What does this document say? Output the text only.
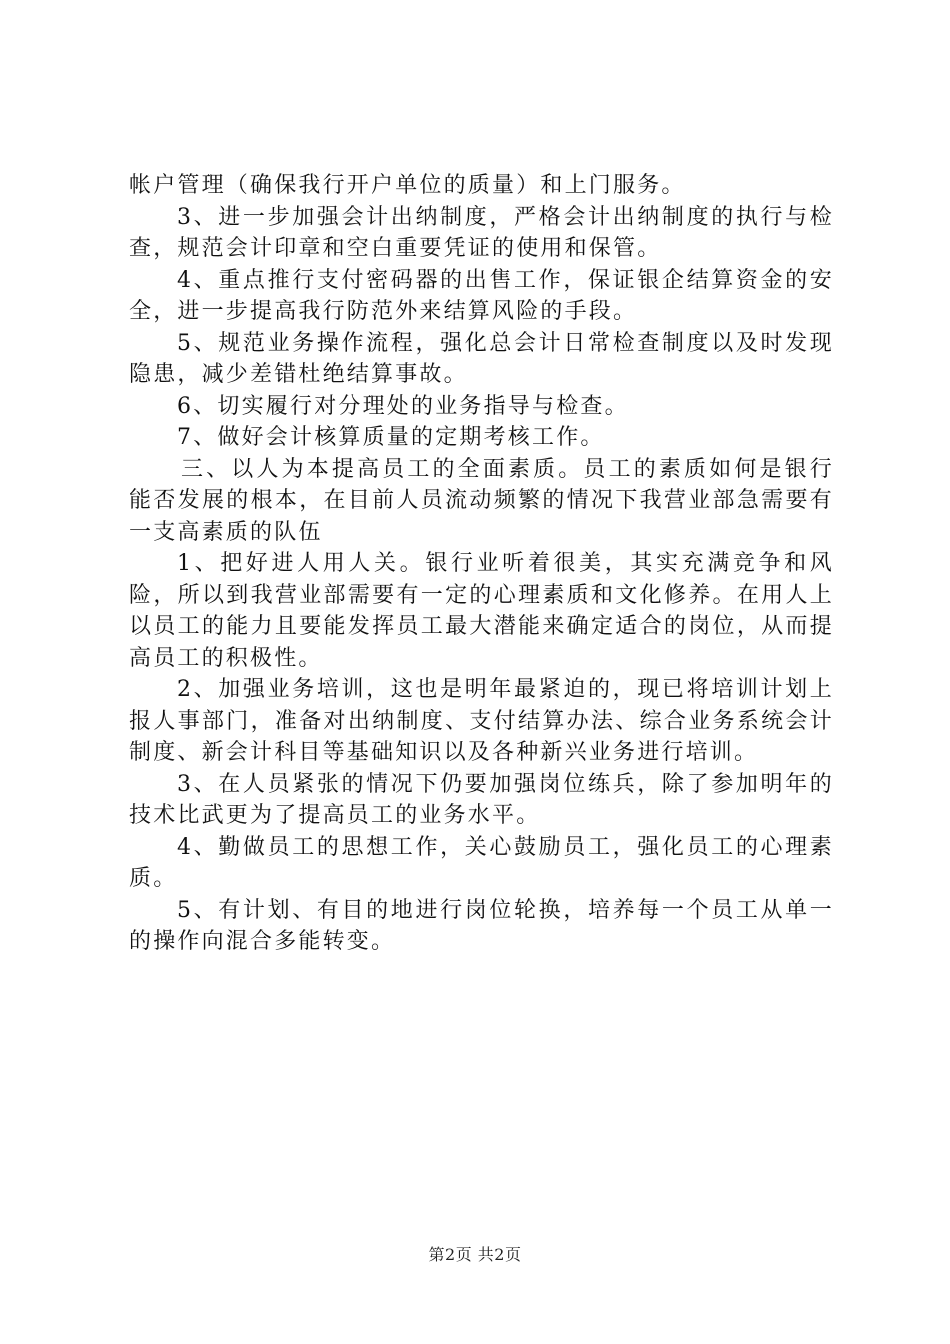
帐户管理（确保我行开户单位的质量）和上门服务。

3、进一步加强会计出纳制度，严格会计出纳制度的执行与检查，规范会计印章和空白重要凭证的使用和保管。

4、重点推行支付密码器的出售工作，保证银企结算资金的安全，进一步提高我行防范外来结算风险的手段。

5、规范业务操作流程，强化总会计日常检查制度以及时发现隐患，减少差错杜绝结算事故。

6、切实履行对分理处的业务指导与检查。

7、做好会计核算质量的定期考核工作。

三、以人为本提高员工的全面素质。员工的素质如何是银行能否发展的根本，在目前人员流动频繁的情况下我营业部急需要有一支高素质的队伍

1、把好进人用人关。银行业听着很美，其实充满竞争和风险，所以到我营业部需要有一定的心理素质和文化修养。在用人上以员工的能力且要能发挥员工最大潜能来确定适合的岗位，从而提高员工的积极性。

2、加强业务培训，这也是明年最紧迫的，现已将培训计划上报人事部门，准备对出纳制度、支付结算办法、综合业务系统会计制度、新会计科目等基础知识以及各种新兴业务进行培训。

3、在人员紧张的情况下仍要加强岗位练兵，除了参加明年的技术比武更为了提高员工的业务水平。

4、勤做员工的思想工作，关心鼓励员工，强化员工的心理素质。

5、有计划、有目的地进行岗位轮换，培养每一个员工从单一的操作向混合多能转变。

第2页 共2页
